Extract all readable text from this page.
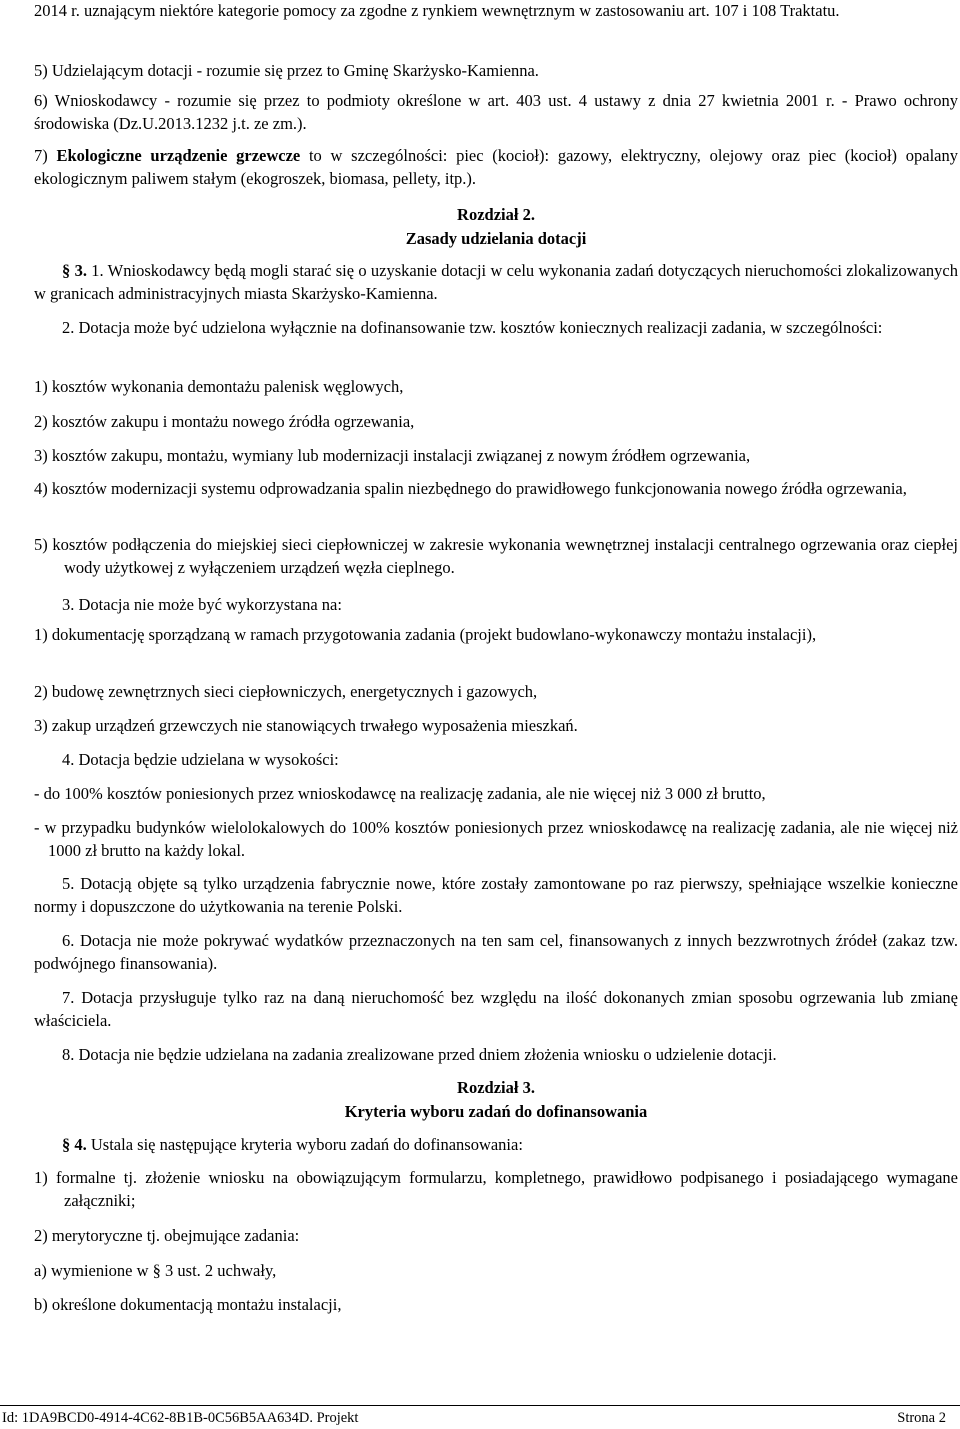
2014 r. uznającym niektóre kategorie pomocy za zgodne z rynkiem wewnętrznym w zastosowaniu art. 107 i 108 Traktatu.

5) Udzielającym dotacji - rozumie się przez to Gminę Skarżysko-Kamienna.

6) Wnioskodawcy - rozumie się przez to podmioty określone w art. 403 ust. 4 ustawy z dnia 27 kwietnia 2001 r. - Prawo ochrony środowiska (Dz.U.2013.1232 j.t. ze zm.).

7) Ekologiczne urządzenie grzewcze to w szczególności: piec (kocioł): gazowy, elektryczny, olejowy oraz piec (kocioł) opalany ekologicznym paliwem stałym (ekogroszek, biomasa, pellety, itp.).

Rozdział 2.

Zasady udzielania dotacji

§ 3. 1. Wnioskodawcy będą mogli starać się o uzyskanie dotacji w celu wykonania zadań dotyczących nieruchomości zlokalizowanych w granicach administracyjnych miasta Skarżysko-Kamienna.

2. Dotacja może być udzielona wyłącznie na dofinansowanie tzw. kosztów koniecznych realizacji zadania, w szczególności:

1) kosztów wykonania demontażu palenisk węglowych,

2) kosztów zakupu i montażu nowego źródła ogrzewania,

3) kosztów zakupu, montażu, wymiany lub modernizacji instalacji związanej z nowym źródłem ogrzewania,

4) kosztów modernizacji systemu odprowadzania spalin niezbędnego do prawidłowego funkcjonowania nowego źródła ogrzewania,

5) kosztów podłączenia do miejskiej sieci ciepłowniczej w zakresie wykonania wewnętrznej instalacji centralnego ogrzewania oraz ciepłej wody użytkowej z wyłączeniem urządzeń węzła cieplnego.

3. Dotacja nie może być wykorzystana na:

1) dokumentację sporządzaną w ramach przygotowania zadania (projekt budowlano-wykonawczy montażu instalacji),

2) budowę zewnętrznych sieci ciepłowniczych, energetycznych i gazowych,

3) zakup urządzeń grzewczych nie stanowiących trwałego wyposażenia mieszkań.

4. Dotacja będzie udzielana w wysokości:

- do 100% kosztów poniesionych przez wnioskodawcę na realizację zadania, ale nie więcej niż 3 000 zł brutto,

- w przypadku budynków wielolokalowych do 100% kosztów poniesionych przez wnioskodawcę na realizację zadania, ale nie więcej niż 1000 zł brutto na każdy lokal.

5. Dotacją objęte są tylko urządzenia fabrycznie nowe, które zostały zamontowane po raz pierwszy, spełniające wszelkie konieczne normy i dopuszczone do użytkowania na terenie Polski.

6. Dotacja nie może pokrywać wydatków przeznaczonych na ten sam cel, finansowanych z innych bezzwrotnych źródeł (zakaz tzw. podwójnego finansowania).

7. Dotacja przysługuje tylko raz na daną nieruchomość bez względu na ilość dokonanych zmian sposobu ogrzewania lub zmianę właściciela.

8. Dotacja nie będzie udzielana na zadania zrealizowane przed dniem złożenia wniosku o udzielenie dotacji.

Rozdział 3.

Kryteria wyboru zadań do dofinansowania

§ 4. Ustala się następujące kryteria wyboru zadań do dofinansowania:

1) formalne tj. złożenie wniosku na obowiązującym formularzu, kompletnego, prawidłowo podpisanego i posiadającego wymagane załączniki;

2) merytoryczne tj. obejmujące zadania:

a) wymienione w § 3 ust. 2 uchwały,

b) określone dokumentacją montażu instalacji,

Id: 1DA9BCD0-4914-4C62-8B1B-0C56B5AA634D. Projekt	Strona 2
